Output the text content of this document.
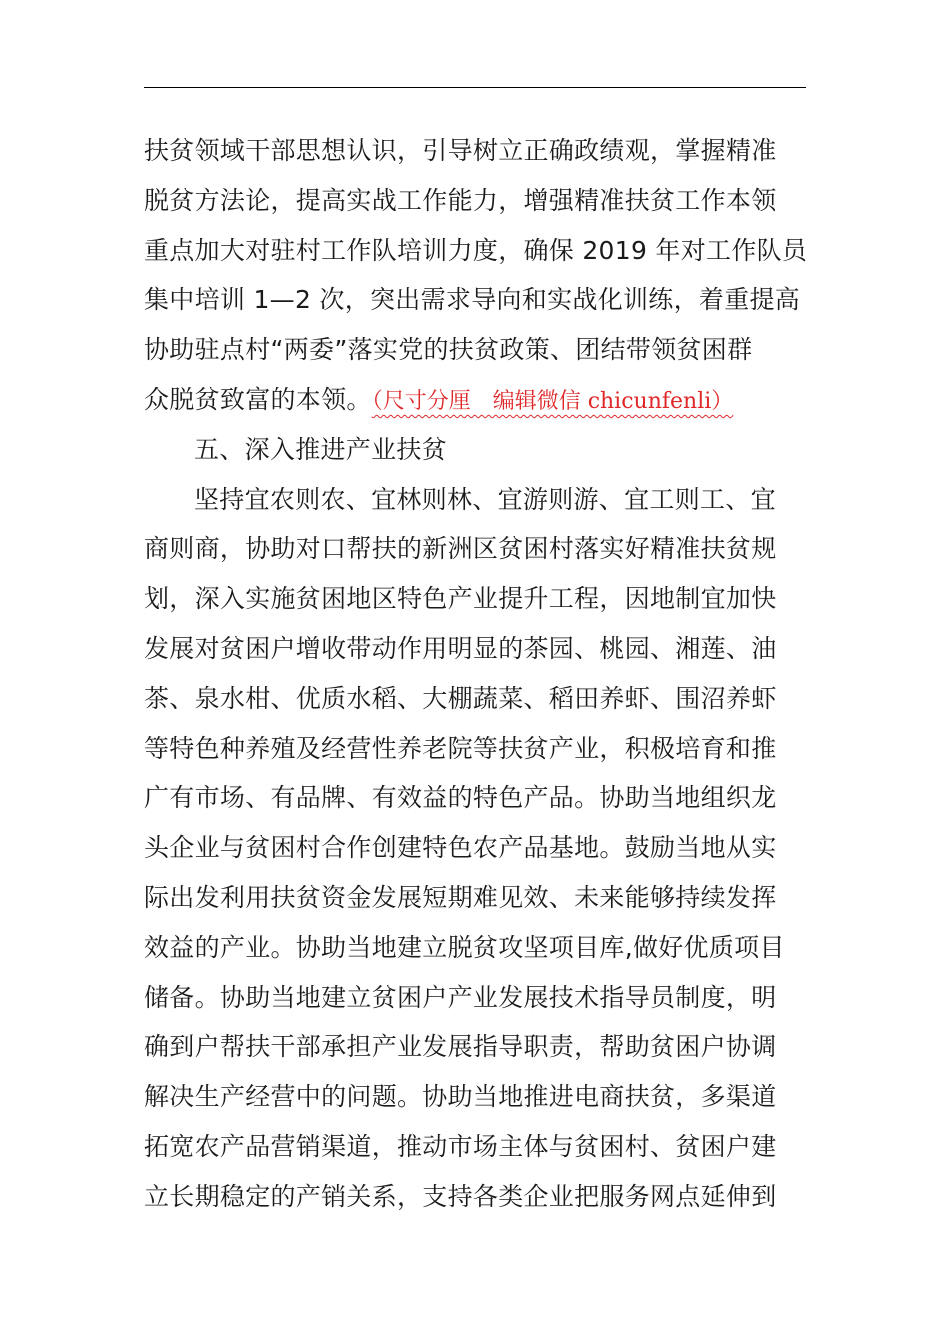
扶贫领域干部思想认识，引导树立正确政绩观，掌握精准
脱贫方法论，提高实战工作能力，增强精准扶贫工作本领
重点加大对驻村工作队培训力度，确保 2019 年对工作队员
集中培训 1—2 次，突出需求导向和实战化训练，着重提高
协助驻点村“两委”落实党的扶贫政策、团结带领贫困群
众脱贫致富的本领。（尺寸分厘　编辑微信 chicunfenli）
五、深入推进产业扶贫
坚持宜农则农、宜林则林、宜游则游、宜工则工、宜
商则商，协助对口帮扶的新洲区贫困村落实好精准扶贫规
划，深入实施贫困地区特色产业提升工程，因地制宜加快
发展对贫困户增收带动作用明显的茶园、桃园、湘莲、油
茶、泉水柑、优质水稻、大棚蔬菜、稻田养虾、围沼养虾
等特色种养殖及经营性养老院等扶贫产业，积极培育和推
广有市场、有品牌、有效益的特色产品。协助当地组织龙
头企业与贫困村合作创建特色农产品基地。鼓励当地从实
际出发利用扶贫资金发展短期难见效、未来能够持续发挥
效益的产业。协助当地建立脱贫攻坚项目库,做好优质项目
储备。协助当地建立贫困户产业发展技术指导员制度，明
确到户帮扶干部承担产业发展指导职责，帮助贫困户协调
解决生产经营中的问题。协助当地推进电商扶贫，多渠道
拓宽农产品营销渠道，推动市场主体与贫困村、贫困户建
立长期稳定的产销关系，支持各类企业把服务网点延伸到
